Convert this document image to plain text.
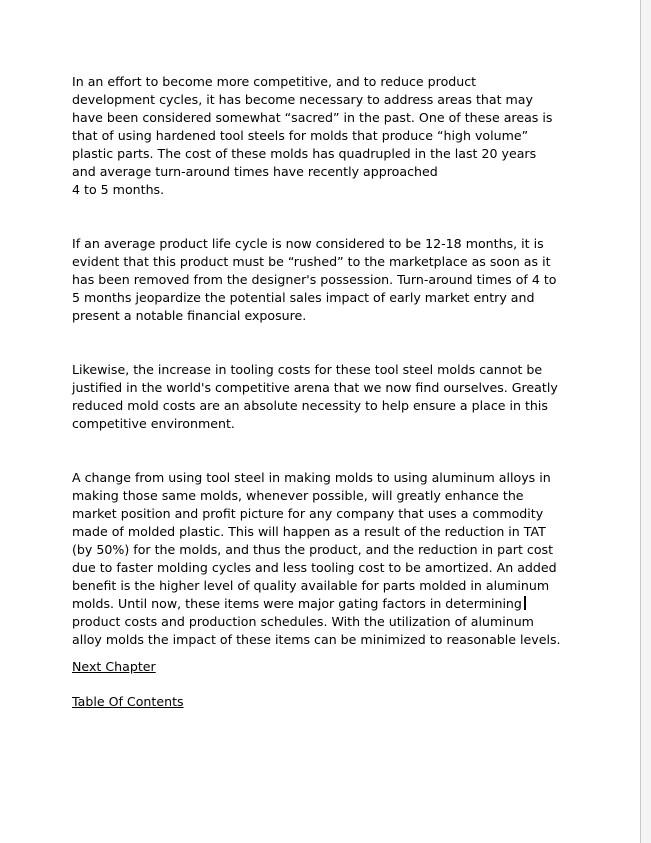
In an effort to become more competitive, and to reduce product
development cycles, it has become necessary to address areas that may
have been considered somewhat “sacred” in the past. One of these areas is
that of using hardened tool steels for molds that produce “high volume”
plastic parts. The cost of these molds has quadrupled in the last 20 years
and average turn-around times have recently approached
4 to 5 months.

If an average product life cycle is now considered to be 12-18 months, it is
evident that this product must be “rushed” to the marketplace as soon as it
has been removed from the designer's possession. Turn-around times of 4 to
5 months jeopardize the potential sales impact of early market entry and
present a notable financial exposure.

Likewise, the increase in tooling costs for these tool steel molds cannot be
justified in the world's competitive arena that we now find ourselves. Greatly
reduced mold costs are an absolute necessity to help ensure a place in this
competitive environment.

A change from using tool steel in making molds to using aluminum alloys in
making those same molds, whenever possible, will greatly enhance the
market position and profit picture for any company that uses a commodity
made of molded plastic. This will happen as a result of the reduction in TAT
(by 50%) for the molds, and thus the product, and the reduction in part cost
due to faster molding cycles and less tooling cost to be amortized. An added
benefit is the higher level of quality available for parts molded in aluminum
molds. Until now, these items were major gating factors in determining
product costs and production schedules. With the utilization of aluminum
alloy molds the impact of these items can be minimized to reasonable levels.

Next Chapter
Table Of Contents
